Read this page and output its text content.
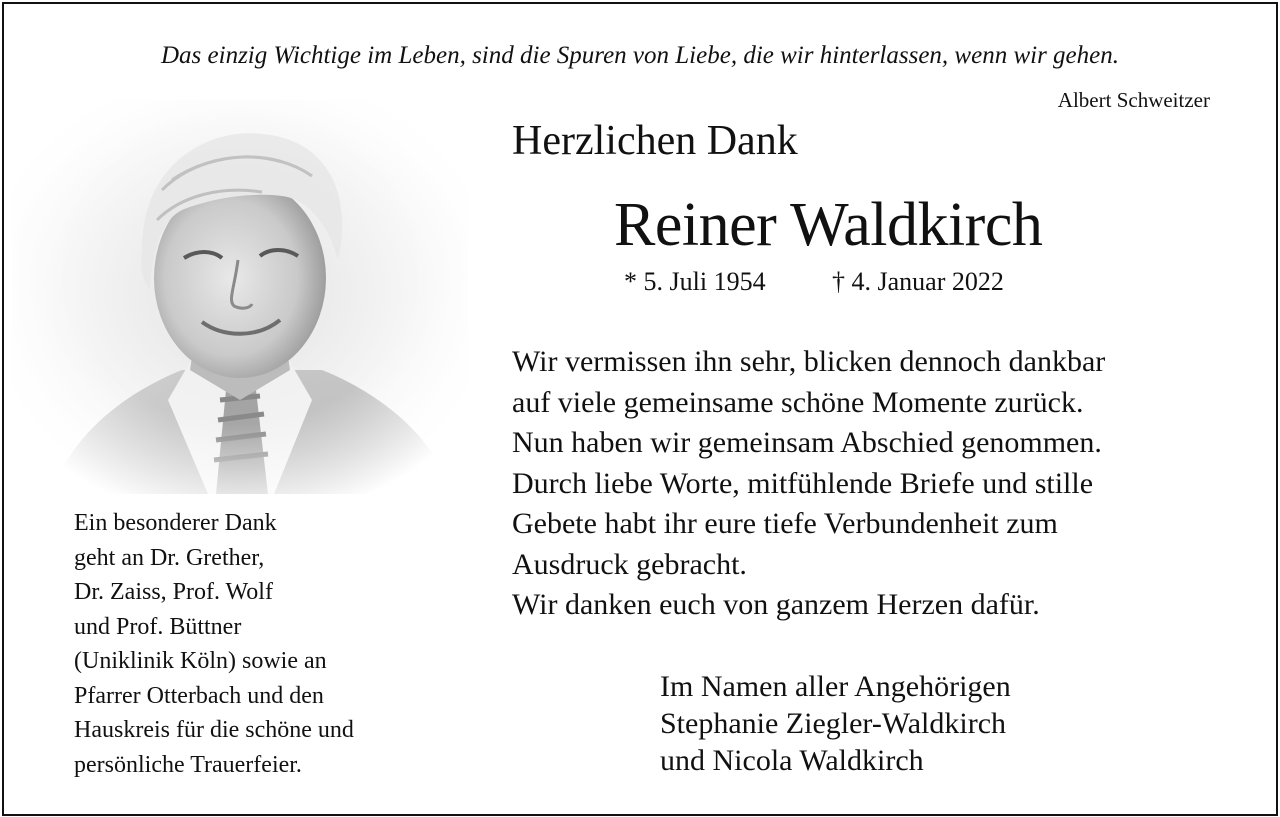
Das einzig Wichtige im Leben, sind die Spuren von Liebe, die wir hinterlassen, wenn wir gehen.
Albert Schweitzer
Herzlichen Dank
Reiner Waldkirch
* 5. Juli 1954	† 4. Januar 2022
Wir vermissen ihn sehr, blicken dennoch dankbar
auf viele gemeinsame schöne Momente zurück.
Nun haben wir gemeinsam Abschied genommen.
Durch liebe Worte, mitfühlende Briefe und stille
Gebete habt ihr eure tiefe Verbundenheit zum
Ausdruck gebracht.
Wir danken euch von ganzem Herzen dafür.
Im Namen aller Angehörigen
Stephanie Ziegler-Waldkirch
und Nicola Waldkirch
Ein besonderer Dank
geht an Dr. Grether,
Dr. Zaiss, Prof. Wolf
und Prof. Büttner
(Uniklinik Köln) sowie an
Pfarrer Otterbach und den
Hauskreis für die schöne und
persönliche Trauerfeier.
